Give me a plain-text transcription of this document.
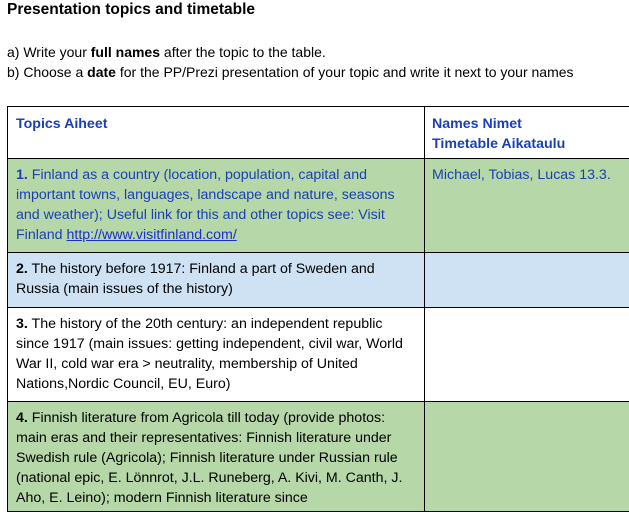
Presentation topics and timetable
a) Write your full names after the topic to the table.
b) Choose a date for the PP/Prezi presentation of your topic and write it next to your names
Topics Aiheet	Names Nimet
Timetable Aikataulu
1. Finland as a country (location, population, capital and important towns, languages, landscape and nature, seasons and weather); Useful link for this and other topics see: Visit Finland http://www.visitfinland.com/
Michael, Tobias, Lucas 13.3.
2. The history before 1917: Finland a part of Sweden and Russia (main issues of the history)
3. The history of the 20th century: an independent republic since 1917 (main issues: getting independent, civil war, World War II, cold war era > neutrality, membership of United Nations,Nordic Council, EU, Euro)
4. Finnish literature from Agricola till today (provide photos: main eras and their representatives: Finnish literature under Swedish rule (Agricola); Finnish literature under Russian rule (national epic, E. Lönnrot, J.L. Runeberg, A. Kivi, M. Canth, J. Aho, E. Leino); modern Finnish literature since
